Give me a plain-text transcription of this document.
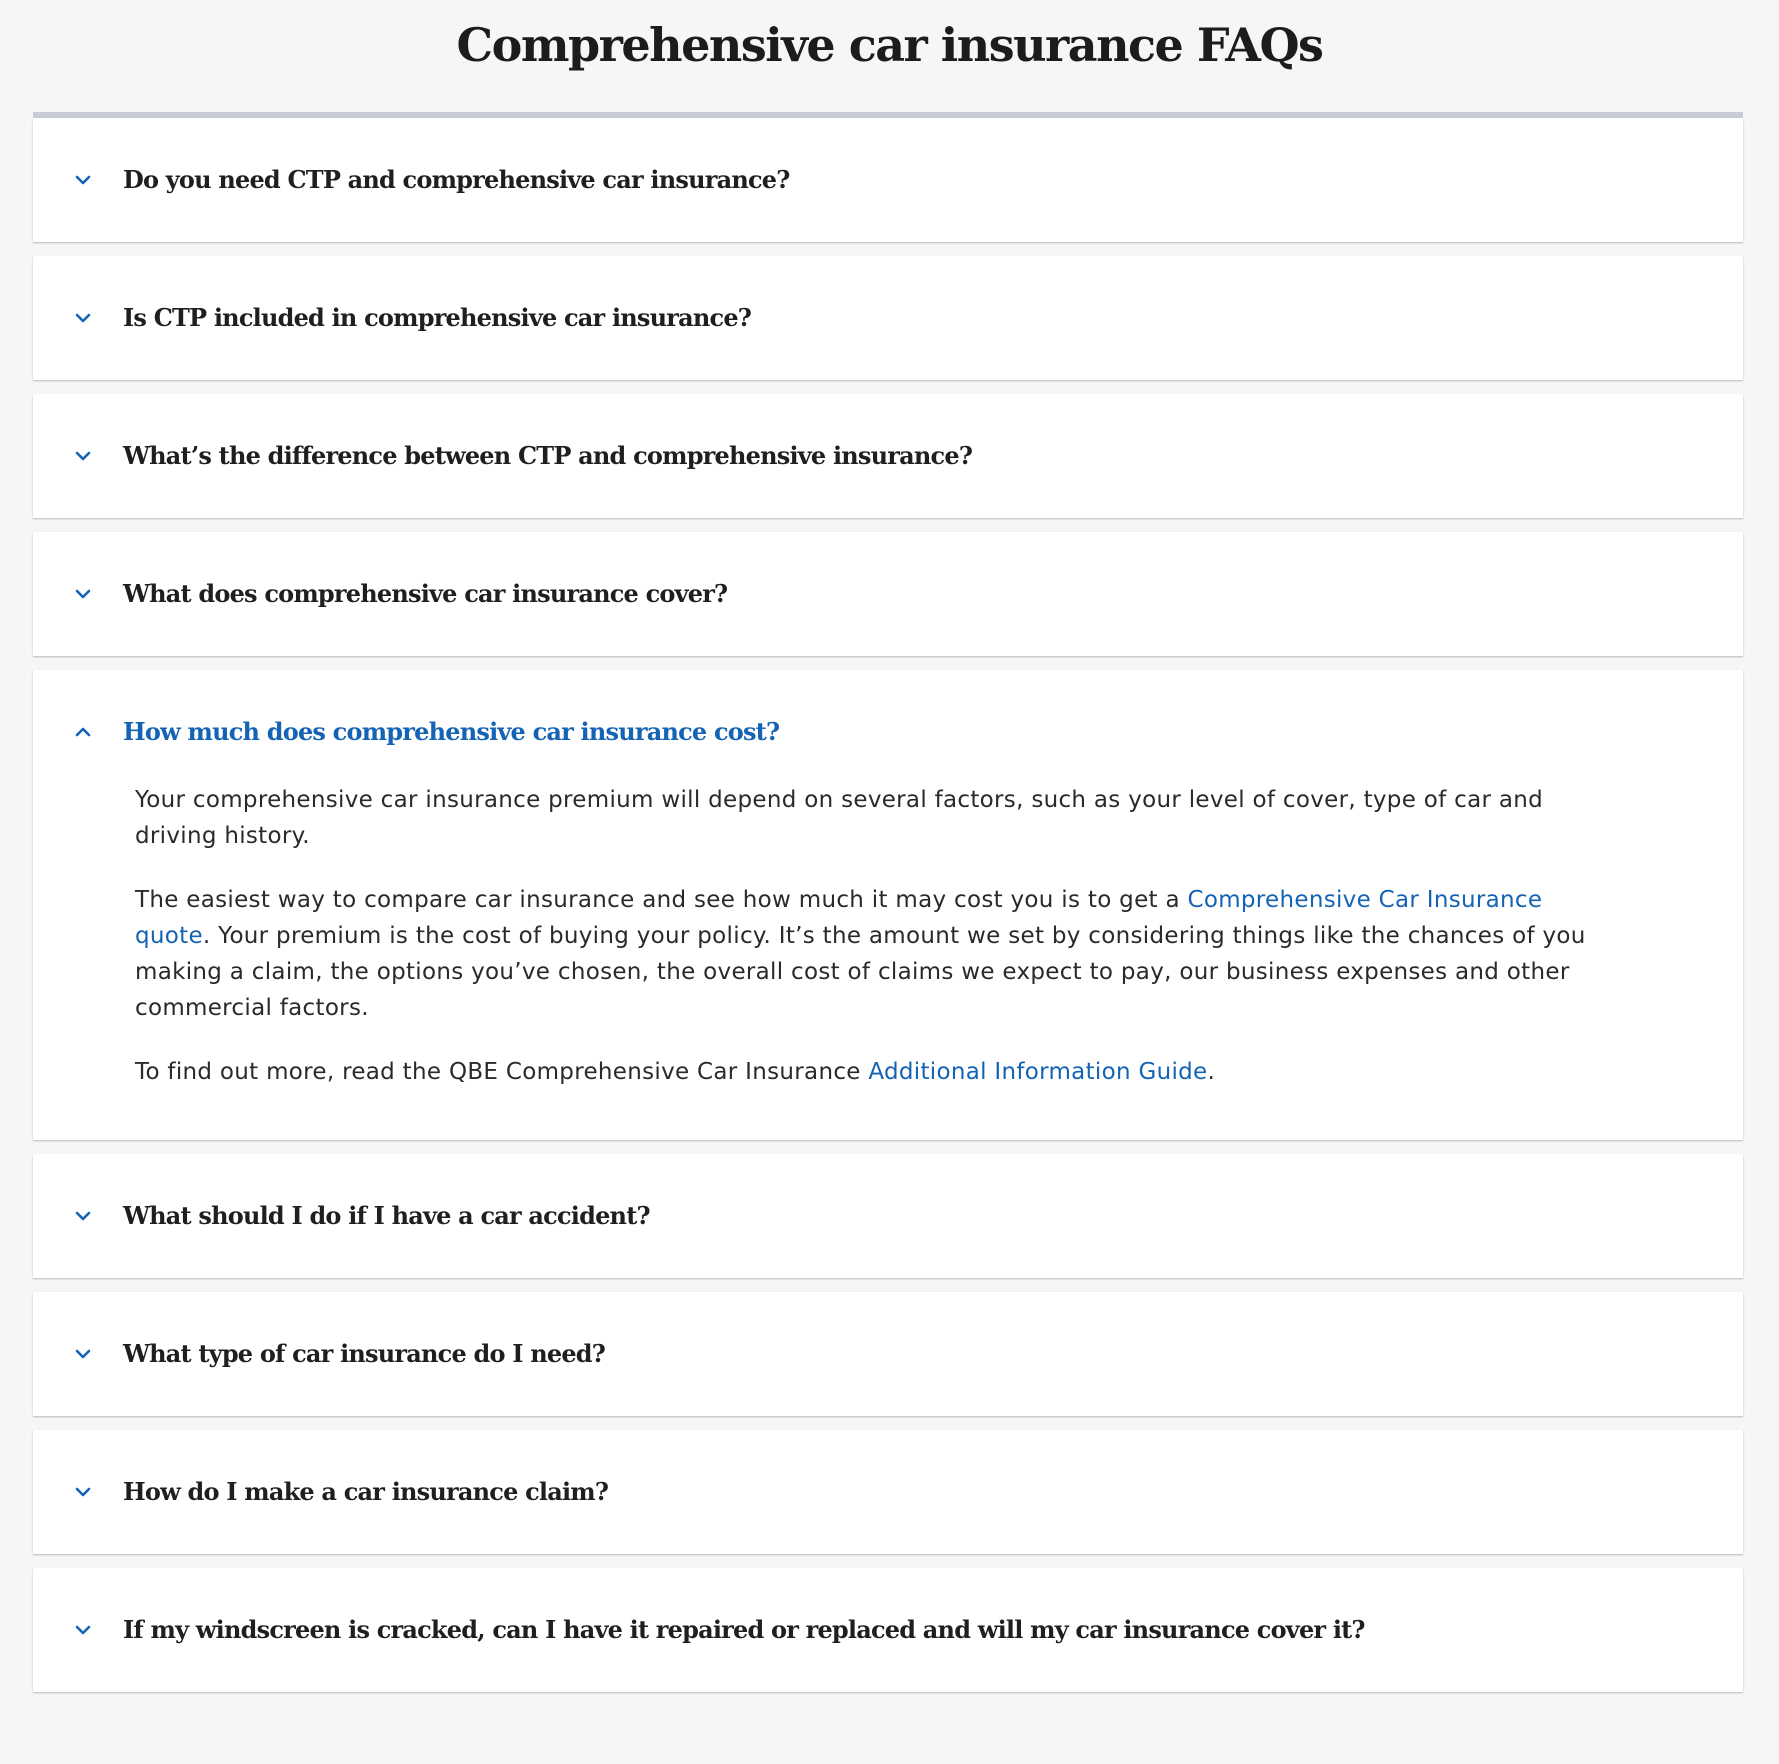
Comprehensive car insurance FAQs
Do you need CTP and comprehensive car insurance?
Is CTP included in comprehensive car insurance?
What’s the difference between CTP and comprehensive insurance?
What does comprehensive car insurance cover?
How much does comprehensive car insurance cost?

Your comprehensive car insurance premium will depend on several factors, such as your level of cover, type of car and driving history.

The easiest way to compare car insurance and see how much it may cost you is to get a Comprehensive Car Insurance quote. Your premium is the cost of buying your policy. It’s the amount we set by considering things like the chances of you making a claim, the options you’ve chosen, the overall cost of claims we expect to pay, our business expenses and other commercial factors.

To find out more, read the QBE Comprehensive Car Insurance Additional Information Guide.

What should I do if I have a car accident?
What type of car insurance do I need?
How do I make a car insurance claim?
If my windscreen is cracked, can I have it repaired or replaced and will my car insurance cover it?
